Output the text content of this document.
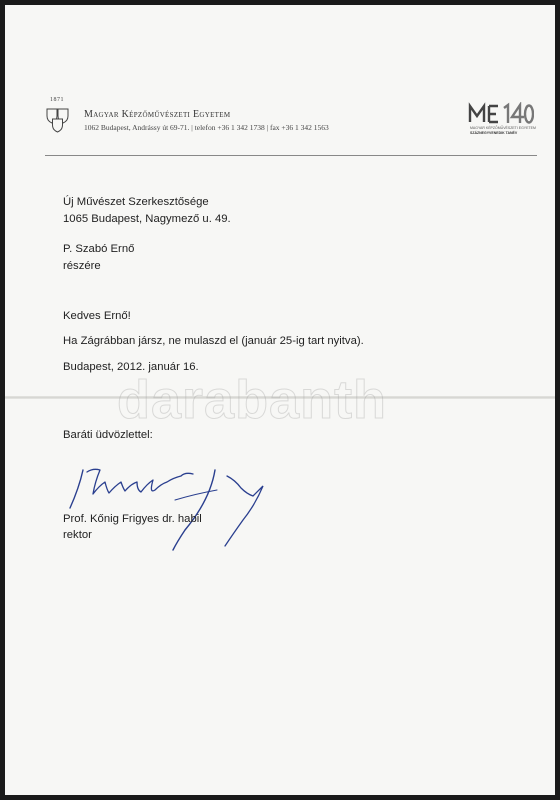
1871
Magyar Képzőművészeti Egyetem
1062 Budapest, Andrássy út 69-71. | telefon +36 1 342 1738 | fax +36 1 342 1563	MAGYAR KÉPZŐMŰVÉSZETI EGYETEM
SZÁZNEGYVENEDIK TANÉV
Új Művészet Szerkesztősége
1065 Budapest, Nagymező u. 49.
P. Szabó Ernő
részére
Kedves Ernő!
Ha Zágrábban jársz, ne mulaszd el (január 25-ig tart nyitva).
Budapest, 2012. január 16.
darabanth
Baráti üdvözlettel:
Prof. Kőnig Frigyes dr. habil
rektor
